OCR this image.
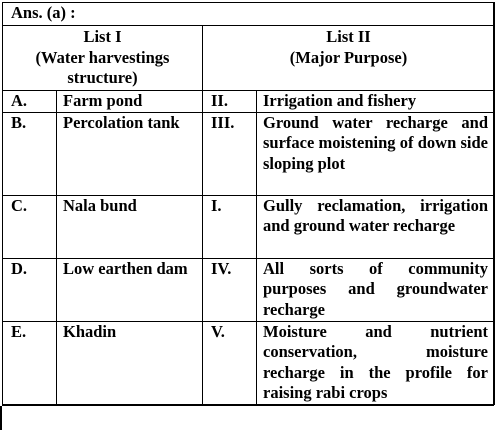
Ans. (a) :			
List I
(Water harvestings structure)		List II
(Major Purpose)	
A.	Farm pond	II.	Irrigation and fishery
B.	Percolation tank	III.	Ground water recharge and surface moistening of down side sloping plot
C.	Nala bund	I.	Gully reclamation, irrigation and ground water recharge
D.	Low earthen dam	IV.	All sorts of community purposes and groundwater recharge
E.	Khadin	V.	Moisture and nutrient conservation, moisture recharge in the profile for raising rabi crops
